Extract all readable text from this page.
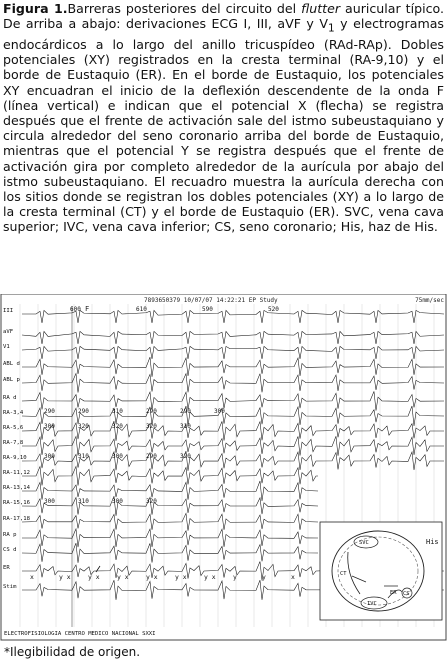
Figura 1.Barreras posteriores del circuito del flutter auricular típico. De arriba a abajo: derivaciones ECG I, III, aVF y $V_1$ y electrogramas endocárdicos a lo largo del anillo tricuspídeo (RAd-RAp). Dobles potenciales (XY) registrados en la cresta terminal (RA-9,10) y el borde de Eustaquio (ER). En el borde de Eustaquio, los potenciales XY encuadran el inicio de la deflexión descendente de la onda F (línea vertical) e indican que el potencial X (flecha) se registra después que el frente de activación sale del istmo subeustaquiano y circula alrededor del seno coronario arriba del borde de Eustaquio, mientras que el potencial Y se registra después que el frente de activación gira por completo alrededor de la aurícula por abajo del istmo subeustaquiano. El recuadro muestra la aurícula derecha con los sitios donde se registran los dobles potenciales (XY) a lo largo de la cresta terminal (CT) y el borde de Eustaquio (ER). SVC, vena cava superior; IVC, vena cava inferior; CS, seno coronario; His, haz de His.

7893650379 10/07/07 14:22:21 EP Study	75mm/sec
F
III
aVF
V1
ABL d
ABL p
RA d
RA-3,4
RA-5,6
RA-7,8
RA-9,10
RA-11,12
RA-13,14
RA-15,16
RA-17,18
RA p
CS d
ER
Stim
600	610	590	520
290	290	310	290	290	300
300	320	320	320	310
300	310	300	290	320
300	310	300	320
x	y x	y x	y x	y x	y x	y x	y	y	x
SVC
CT
CS
IVC
His
ER
ELECTROFISIOLOGIA CENTRO MEDICO NACIONAL SXXI
*Ilegibilidad de origen.
